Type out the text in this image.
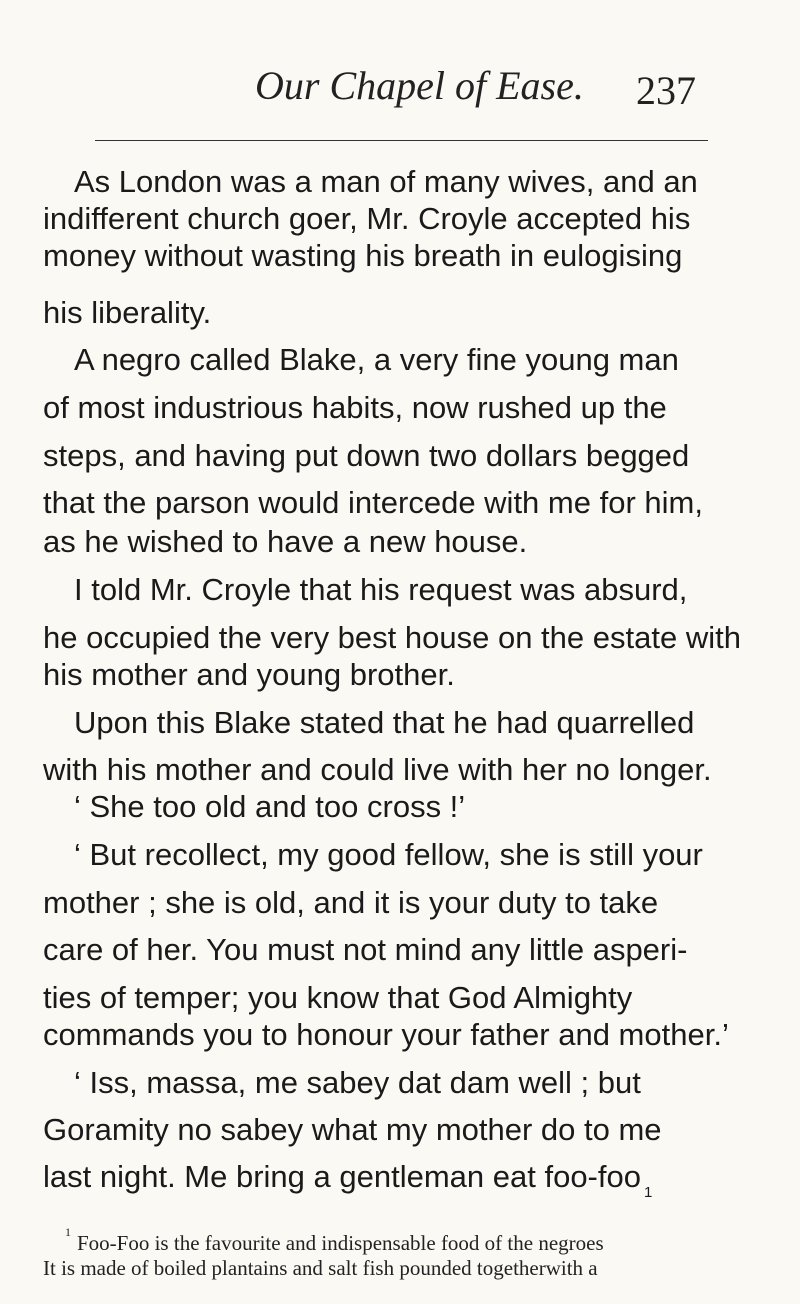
Our Chapel of Ease. 237
As London was a man of many wives, and an
indifferent church goer, Mr. Croyle accepted his
money without wasting his breath in eulogising
his liberality.
A negro called Blake, a very fine young man
of most industrious habits, now rushed up the
steps, and having put down two dollars begged
that the parson would intercede with me for him,
as he wished to have a new house.
I told Mr. Croyle that his request was absurd,
he occupied the very best house on the estate with
his mother and young brother.
Upon this Blake stated that he had quarrelled
with his mother and could live with her no longer.
‘ She too old and too cross !’
‘ But recollect, my good fellow, she is still your
mother ; she is old, and it is your duty to take
care of her. You must not mind any little asperi-
ties of temper; you know that God Almighty
commands you to honour your father and mother.’
‘ Iss, massa, me sabey dat dam well ; but
Goramity no sabey what my mother do to me
last night. Me bring a gentleman eat foo-foo $_1$
$^1$ Foo-Foo is the favourite and indispensable food of the negroes
It is made of boiled plantains and salt fish pounded togetherwith a
